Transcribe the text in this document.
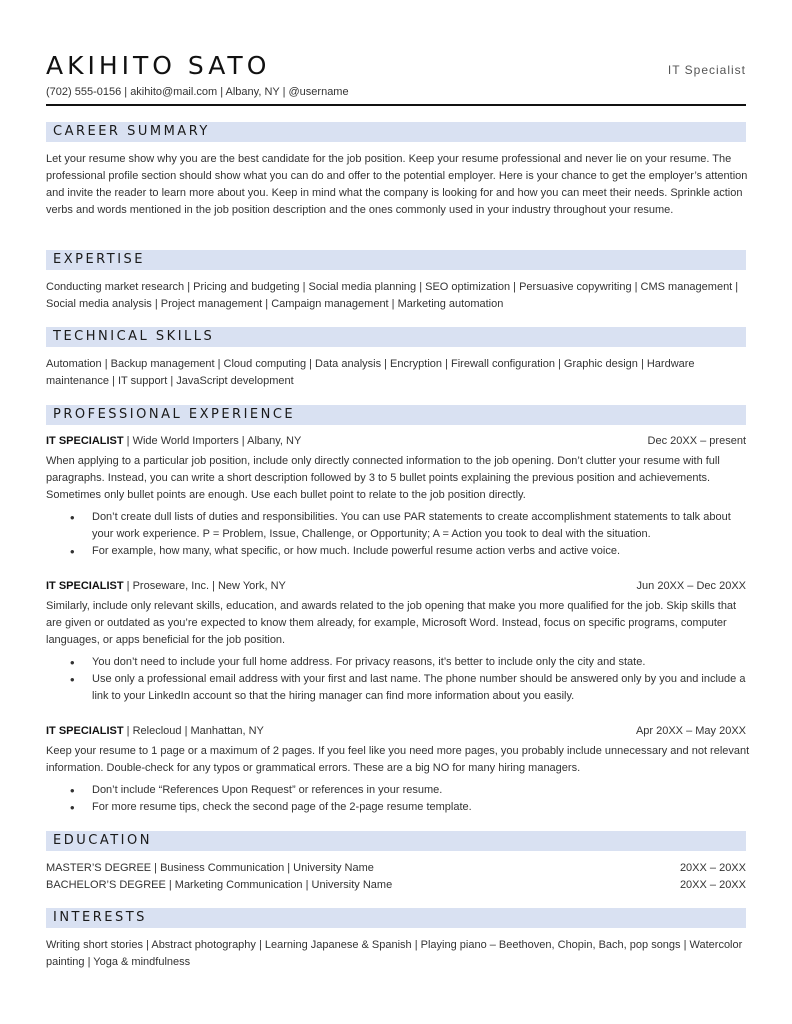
AKIHITO SATO	IT Specialist
(702) 555-0156 | akihito@mail.com | Albany, NY | @username
CAREER SUMMARY
Let your resume show why you are the best candidate for the job position. Keep your resume professional and never lie on your resume. The professional profile section should show what you can do and offer to the potential employer. Here is your chance to get the employer’s attention and invite the reader to learn more about you. Keep in mind what the company is looking for and how you can meet their needs. Sprinkle action verbs and words mentioned in the job position description and the ones commonly used in your industry throughout your resume.
EXPERTISE
Conducting market research | Pricing and budgeting | Social media planning | SEO optimization | Persuasive copywriting | CMS management | Social media analysis | Project management | Campaign management | Marketing automation
TECHNICAL SKILLS
Automation | Backup management | Cloud computing | Data analysis | Encryption | Firewall configuration | Graphic design | Hardware maintenance | IT support | JavaScript development
PROFESSIONAL EXPERIENCE
IT SPECIALIST | Wide World Importers | Albany, NY	Dec 20XX – present
When applying to a particular job position, include only directly connected information to the job opening. Don’t clutter your resume with full paragraphs. Instead, you can write a short description followed by 3 to 5 bullet points explaining the previous position and achievements. Sometimes only bullet points are enough. Use each bullet point to relate to the job position directly.
• Don’t create dull lists of duties and responsibilities. You can use PAR statements to create accomplishment statements to talk about your work experience. P = Problem, Issue, Challenge, or Opportunity; A = Action you took to deal with the situation.
• For example, how many, what specific, or how much. Include powerful resume action verbs and active voice.
IT SPECIALIST | Proseware, Inc. | New York, NY	Jun 20XX – Dec 20XX
Similarly, include only relevant skills, education, and awards related to the job opening that make you more qualified for the job. Skip skills that are given or outdated as you’re expected to know them already, for example, Microsoft Word. Instead, focus on specific programs, computer languages, or apps beneficial for the job position.
• You don’t need to include your full home address. For privacy reasons, it’s better to include only the city and state.
• Use only a professional email address with your first and last name. The phone number should be answered only by you and include a link to your LinkedIn account so that the hiring manager can find more information about you easily.
IT SPECIALIST | Relecloud | Manhattan, NY	Apr 20XX – May 20XX
Keep your resume to 1 page or a maximum of 2 pages. If you feel like you need more pages, you probably include unnecessary and not relevant information. Double-check for any typos or grammatical errors. These are a big NO for many hiring managers.
• Don’t include “References Upon Request” or references in your resume.
• For more resume tips, check the second page of the 2-page resume template.
EDUCATION
MASTER’S DEGREE | Business Communication | University Name	20XX – 20XX
BACHELOR’S DEGREE | Marketing Communication | University Name	20XX – 20XX
INTERESTS
Writing short stories | Abstract photography | Learning Japanese & Spanish | Playing piano – Beethoven, Chopin, Bach, pop songs | Watercolor painting | Yoga & mindfulness
